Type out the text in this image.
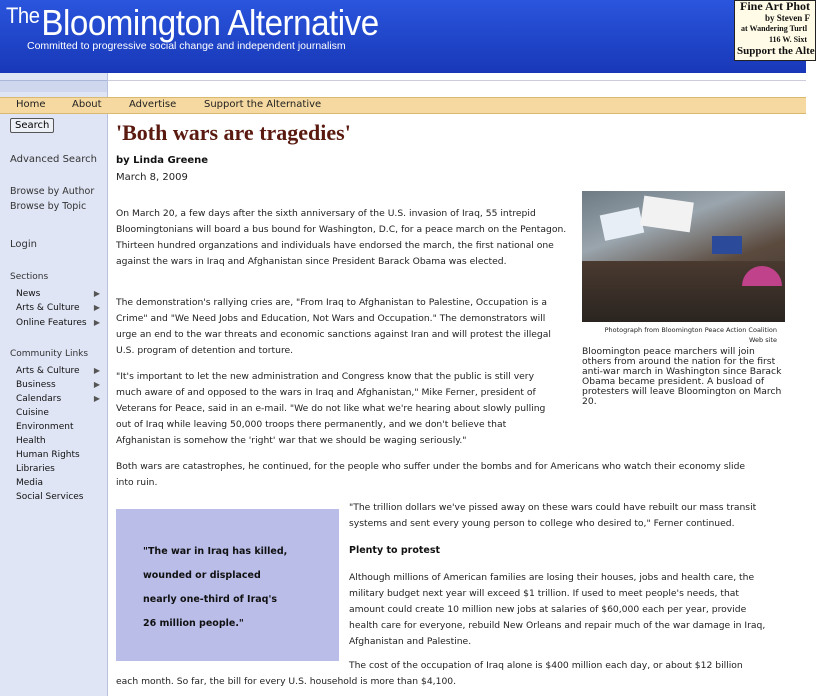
$^{The}$Bloomington Alternative
Committed to progressive social change and independent journalism
Fine Art Phot
by Steven F
at Wandering Turtl
116 W. Sixt
Support the Alte
Search
Advanced Search
Browse by Author
Browse by Topic
Login
Sections
News	▶
Arts & Culture ▶
Online Features ▶
Community Links
Arts & Culture ▶
Business	▶
Calendars	▶
Cuisine
Environment
Health
Human Rights
Libraries
Media
Social Services
Home	About	Advertise	Support the Alternative
'Both wars are tragedies'
by Linda Greene
March 8, 2009
On March 20, a few days after the sixth anniversary of the U.S. invasion of Iraq, 55 intrepid Bloomingtonians will board a bus bound for Washington, D.C, for a peace march on the Pentagon. Thirteen hundred organzations and individuals have endorsed the march, the first national one against the wars in Iraq and Afghanistan since President Barack Obama was elected.
The demonstration's rallying cries are, "From Iraq to Afghanistan to Palestine, Occupation is a Crime" and "We Need Jobs and Education, Not Wars and Occupation." The demonstrators will urge an end to the war threats and economic sanctions against Iran and will protest the illegal U.S. program of detention and torture.
"It's important to let the new administration and Congress know that the public is still very much aware of and opposed to the wars in Iraq and Afghanistan," Mike Ferner, president of Veterans for Peace, said in an e-mail. "We do not like what we're hearing about slowly pulling out of Iraq while leaving 50,000 troops there permanently, and we don't believe that Afghanistan is somehow the 'right' war that we should be waging seriously."
Both wars are catastrophes, he continued, for the people who suffer under the bombs and for Americans who watch their economy slide into ruin.
Photograph from Bloomington Peace Action Coalition Web site
Bloomington peace marchers will join others from around the nation for the first anti-war march in Washington since Barack Obama became president. A busload of protesters will leave Bloomington on March 20.
"The war in Iraq has killed, wounded or displaced nearly one-third of Iraq's 26 million people."
"The trillion dollars we've pissed away on these wars could have rebuilt our mass transit systems and sent every young person to college who desired to," Ferner continued.
Plenty to protest
Although millions of American families are losing their houses, jobs and health care, the military budget next year will exceed $1 trillion. If used to meet people's needs, that amount could create 10 million new jobs at salaries of $60,000 each per year, provide health care for everyone, rebuild New Orleans and repair much of the war damage in Iraq, Afghanistan and Palestine.
The cost of the occupation of Iraq alone is $400 million each day, or about $12 billion
each month. So far, the bill for every U.S. household is more than $4,100.
